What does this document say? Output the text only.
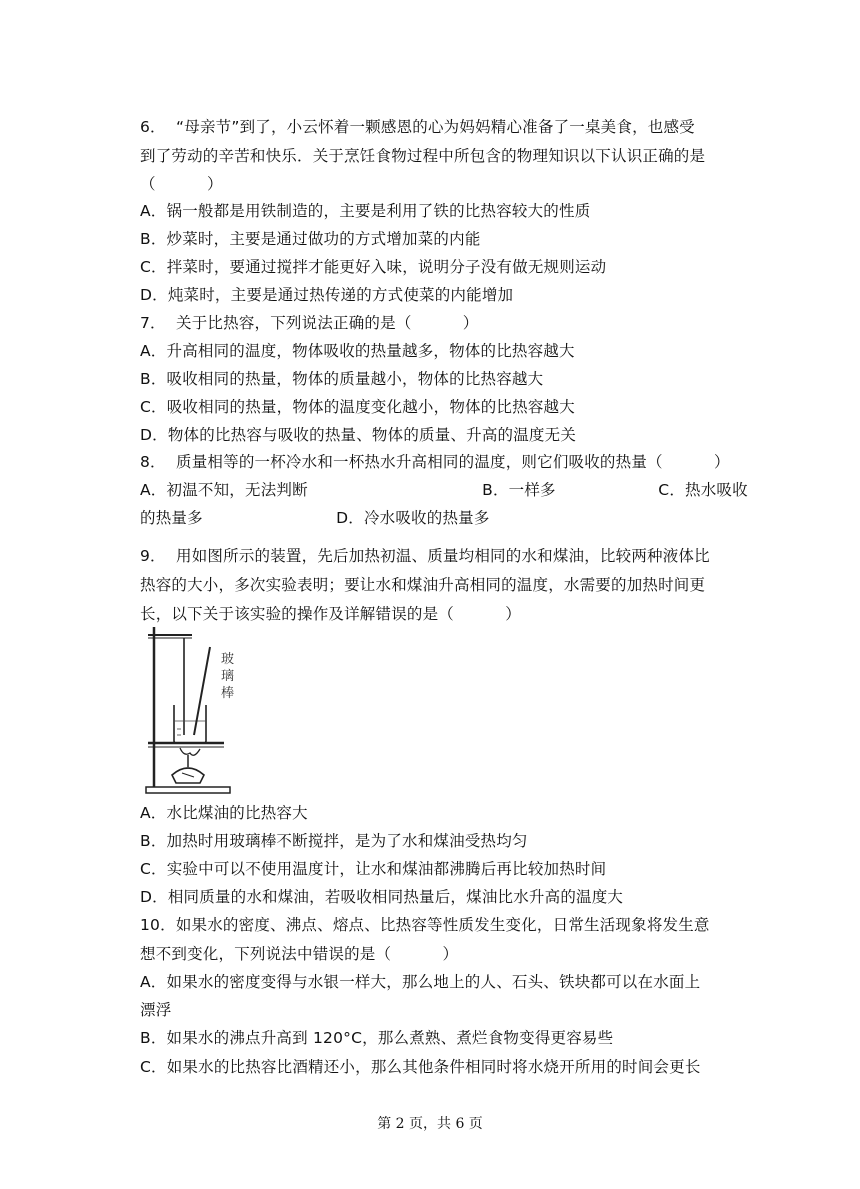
6．  “母亲节”到了，小云怀着一颗感恩的心为妈妈精心准备了一桌美食，也感受
到了劳动的辛苦和快乐．关于烹饪食物过程中所包含的物理知识以下认识正确的是
（          ）
A．锅一般都是用铁制造的，主要是利用了铁的比热容较大的性质
B．炒菜时，主要是通过做功的方式增加菜的内能
C．拌菜时，要通过搅拌才能更好入味，说明分子没有做无规则运动
D．炖菜时，主要是通过热传递的方式使菜的内能增加
7．  关于比热容，下列说法正确的是（          ）
A．升高相同的温度，物体吸收的热量越多，物体的比热容越大
B．吸收相同的热量，物体的质量越小，物体的比热容越大
C．吸收相同的热量，物体的温度变化越小，物体的比热容越大
D．物体的比热容与吸收的热量、物体的质量、升高的温度无关
8．  质量相等的一杯冷水和一杯热水升高相同的温度，则它们吸收的热量（          ）
A．初温不知，无法判断                                  B．一样多                    C．热水吸收
的热量多                          D．冷水吸收的热量多
9．  用如图所示的装置，先后加热初温、质量均相同的水和煤油，比较两种液体比
热容的大小，多次实验表明；要让水和煤油升高相同的温度，水需要的加热时间更
长，以下关于该实验的操作及详解错误的是（          ）
玻
璃
棒
A．水比煤油的比热容大
B．加热时用玻璃棒不断搅拌，是为了水和煤油受热均匀
C．实验中可以不使用温度计，让水和煤油都沸腾后再比较加热时间
D．相同质量的水和煤油，若吸收相同热量后，煤油比水升高的温度大
10．如果水的密度、沸点、熔点、比热容等性质发生变化，日常生活现象将发生意
想不到变化，下列说法中错误的是（          ）
A．如果水的密度变得与水银一样大，那么地上的人、石头、铁块都可以在水面上
漂浮
B．如果水的沸点升高到 120°C，那么煮熟、煮烂食物变得更容易些
C．如果水的比热容比酒精还小，那么其他条件相同时将水烧开所用的时间会更长
第 2 页，共 6 页
